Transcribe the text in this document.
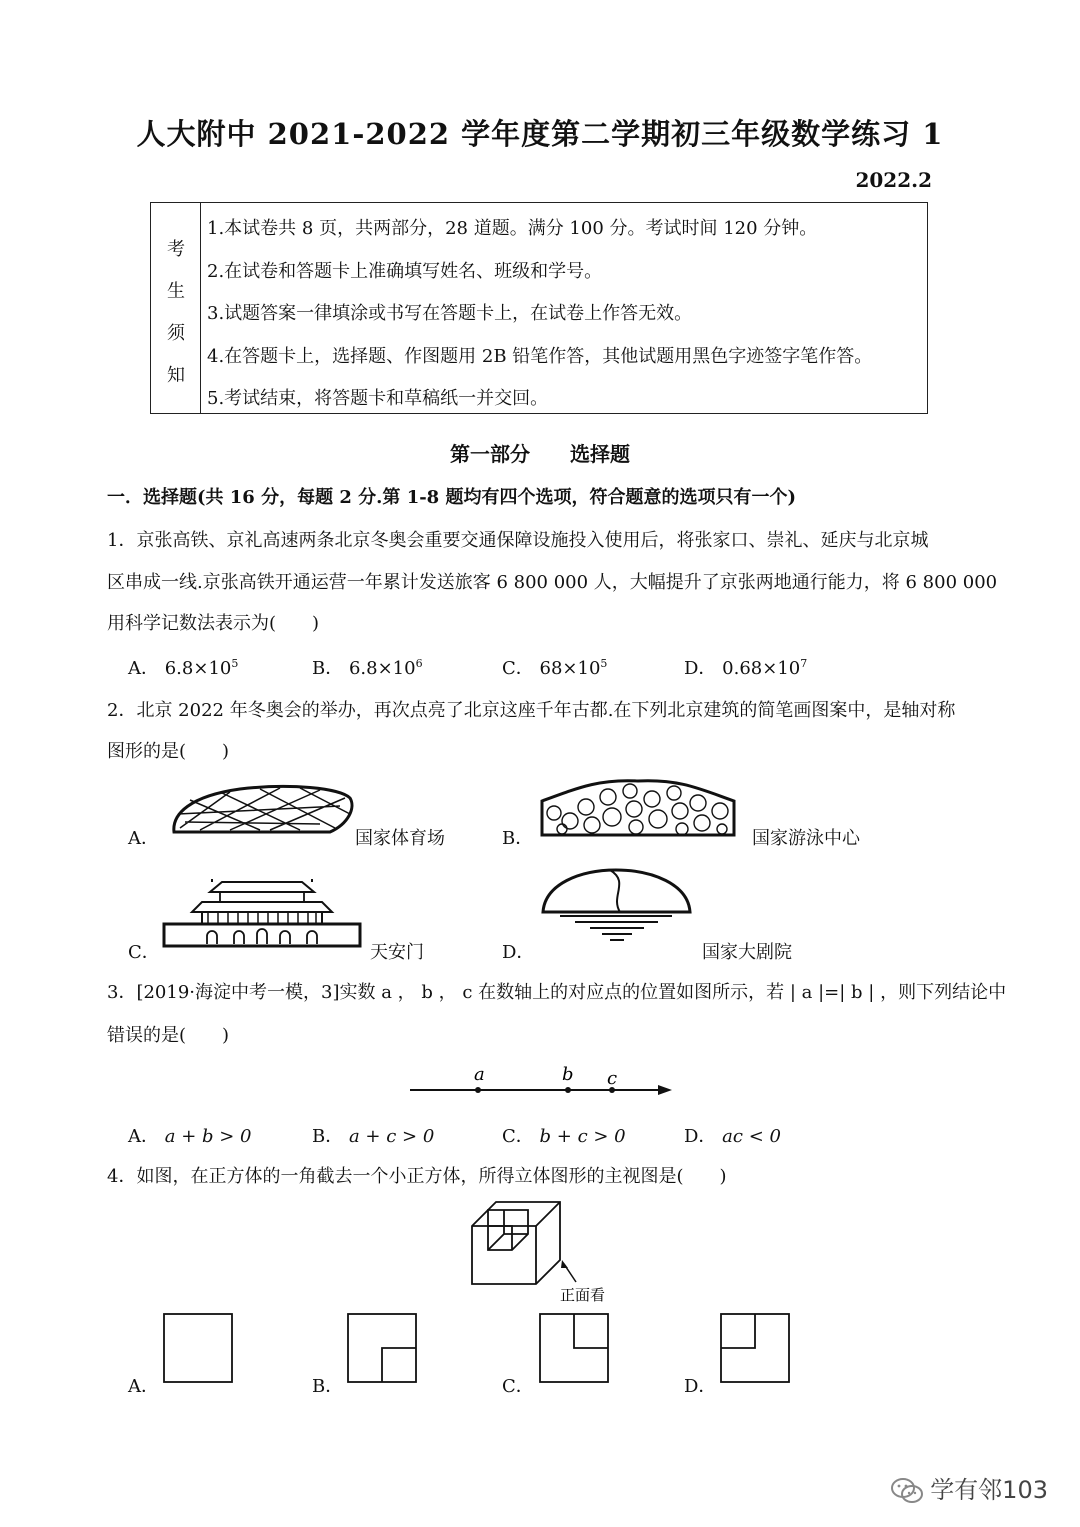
人大附中 2021-2022 学年度第二学期初三年级数学练习 1
2022.2
考
生
须
知
1.本试卷共 8 页，共两部分，28 道题。满分 100 分。考试时间 120 分钟。
2.在试卷和答题卡上准确填写姓名、班级和学号。
3.试题答案一律填涂或书写在答题卡上，在试卷上作答无效。
4.在答题卡上，选择题、作图题用 2B 铅笔作答，其他试题用黑色字迹签字笔作答。
5.考试结束，将答题卡和草稿纸一并交回。
第一部分　　选择题
一．选择题(共 16 分，每题 2 分.第 1-8 题均有四个选项，符合题意的选项只有一个)
1．京张高铁、京礼高速两条北京冬奥会重要交通保障设施投入使用后，将张家口、崇礼、延庆与北京城
区串成一线.京张高铁开通运营一年累计发送旅客 6 800 000 人，大幅提升了京张两地通行能力，将 6 800 000
用科学记数法表示为(　　)
A． $6.8\times 10^5$	B． $6.8\times 10^6$	C． $68\times 10^5$	D． $0.68\times 10^7$
2．北京 2022 年冬奥会的举办，再次点亮了北京这座千年古都.在下列北京建筑的简笔画图案中，是轴对称
图形的是(　　)
A．	国家体育场	B．	国家游泳中心
C．	天安门	D．	国家大剧院
3．[2019·海淀中考一模，3]实数 a ， b ， c 在数轴上的对应点的位置如图所示，若 | a |=| b | ，则下列结论中
错误的是(　　)
a	b c
A． a + b > 0	B． a + c > 0	C． b + c > 0	D． ac < 0
4．如图，在正方体的一角截去一个小正方体，所得立体图形的主视图是(　　)
正面看
A．	B．	C．	D．
学有邻103
